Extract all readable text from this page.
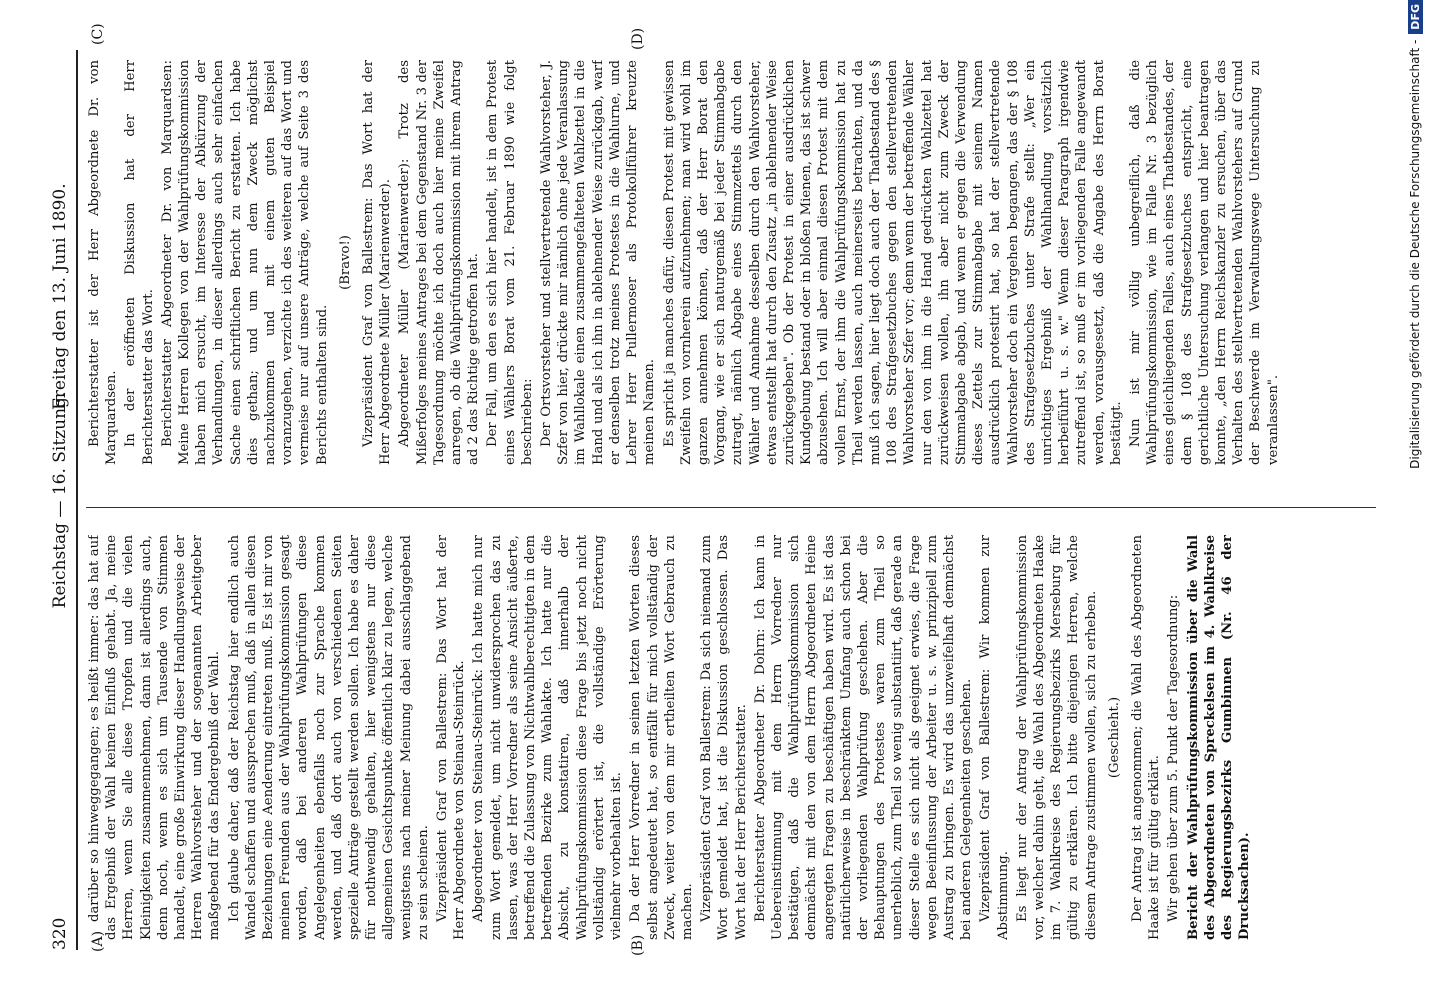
320
Reichstag — 16. Sitzung.
Freitag den 13. Juni 1890.
(A)	(B)
(C)	(D)

darüber so hinweggegangen; es heißt immer: das hat auf das Ergebniß der Wahl keinen Einfluß gehabt. Ja, meine Herren, wenn Sie alle diese Tropfen und die vielen Kleinigkeiten zusammennehmen, dann ist allerdings auch, denn noch, wenn es sich um Tausende von Stimmen handelt, eine große Einwirkung dieser Handlungsweise der Herren Wahlvorsteher und der sogenannten Arbeitgeber maßgebend für das Endergebniß der Wahl. Ich glaube daher, daß der Reichstag hier endlich auch Wandel schaffen und aussprechen muß, daß in allen diesen Beziehungen eine Aenderung eintreten muß. Es ist mir von meinen Freunden aus der Wahlprüfungskommission gesagt worden, daß bei anderen Wahlprüfungen diese Angelegenheiten ebenfalls noch zur Sprache kommen werden, und daß dort auch von verschiedenen Seiten spezielle Anträge gestellt werden sollen. Ich habe es daher für nothwendig gehalten, hier wenigstens nur diese allgemeinen Gesichtspunkte öffentlich klar zu legen, welche wenigstens nach meiner Meinung dabei ausschlaggebend zu sein scheinen. Vizepräsident Graf von Ballestrem: Das Wort hat der Herr Abgeordnete von Steinau-Steinrück. Abgeordneter von Steinau-Steinrück: Ich hatte mich nur zum Wort gemeldet, um nicht unwidersprochen das zu lassen, was der Herr Vorredner als seine Ansicht äußerte, betreffend die Zulassung von Nichtwahlberechtigten in dem betreffenden Bezirke zum Wahlakte. Ich hatte nur die Absicht, zu konstatiren, daß innerhalb der Wahlprüfungskommission diese Frage bis jetzt noch nicht vollständig erörtert ist, die vollständige Erörterung vielmehr vorbehalten ist. Da der Herr Vorredner in seinen letzten Worten dieses selbst angedeutet hat, so entfällt für mich vollständig der Zweck, weiter von dem mir ertheilten Wort Gebrauch zu machen. Vizepräsident Graf von Ballestrem: Da sich niemand zum Wort gemeldet hat, ist die Diskussion geschlossen. Das Wort hat der Herr Berichterstatter. Berichterstatter Abgeordneter Dr. Dohrn: Ich kann in Uebereinstimmung mit dem Herrn Vorredner nur bestätigen, daß die Wahlprüfungskommission sich demnächst mit den von dem Herrn Abgeordneten Heine angeregten Fragen zu beschäftigen haben wird. Es ist das natürlicherweise in beschränktem Umfang auch schon bei der vorliegenden Wahlprüfung geschehen. Aber die Behauptungen des Protestes waren zum Theil so unerheblich, zum Theil so wenig substantiirt, daß gerade an dieser Stelle es sich nicht als geeignet erwies, die Frage wegen Beeinflussung der Arbeiter u. s. w. prinzipiell zum Austrag zu bringen. Es wird das unzweifelhaft demnächst bei anderen Gelegenheiten geschehen. Vizepräsident Graf von Ballestrem: Wir kommen zur Abstimmung. Es liegt nur der Antrag der Wahlprüfungskommission vor, welcher dahin geht, die Wahl des Abgeordneten Haake im 7. Wahlkreise des Regierungsbezirks Merseburg für gültig zu erklären. Ich bitte diejenigen Herren, welche diesem Antrage zustimmen wollen, sich zu erheben. (Geschieht.) Der Antrag ist angenommen; die Wahl des Abgeordneten Haake ist für gültig erklärt. Wir gehen über zum 5. Punkt der Tagesordnung: Bericht der Wahlprüfungskommission über die Wahl des Abgeordneten von Spreckelsen im 4. Wahlkreise des Regierungsbezirks Gumbinnen (Nr. 46 der Drucksachen).

Berichterstatter ist der Herr Abgeordnete Dr. von Marquardsen. In der eröffneten Diskussion hat der Herr Berichterstatter das Wort. Berichterstatter Abgeordneter Dr. von Marquardsen: Meine Herren Kollegen von der Wahlprüfungskommission haben mich ersucht, im Interesse der Abkürzung der Verhandlungen, in dieser allerdings auch sehr einfachen Sache einen schriftlichen Bericht zu erstatten. Ich habe dies gethan; und um nun dem Zweck möglichst nachzukommen und mit einem guten Beispiel voranzugehen, verzichte ich des weiteren auf das Wort und vermeise nur auf unsere Anträge, welche auf Seite 3 des Berichts enthalten sind.

(Bravo!) Vizepräsident Graf von Ballestrem: Das Wort hat der Herr Abgeordnete Müller (Marienwerder). Abgeordneter Müller (Marienwerder): Trotz des Mißerfolges meines Antrages bei dem Gegenstand Nr. 3 der Tagesordnung möchte ich doch auch hier meine Zweifel anregen, ob die Wahlprüfungskommission mit ihrem Antrag ad 2 das Richtige getroffen hat. Der Fall, um den es sich hier handelt, ist in dem Protest eines Wählers Borat vom 21. Februar 1890 wie folgt beschrieben: Der Ortsvorsteher und stellvertretende Wahlvorsteher, J. Szfer von hier, drückte mir nämlich ohne jede Veranlassung im Wahllokale einen zusammengefalteten Wahlzettel in die Hand und als ich ihn in ablehnender Weise zurückgab, warf er denselben trotz meines Protestes in die Wahlurne, und Lehrer Herr Pullermoser als Protokollführer kreuzte meinen Namen. Es spricht ja manches dafür, diesen Protest mit gewissen Zweifeln von vornherein aufzunehmen; man wird wohl im ganzen annehmen können, daß der Herr Borat den Vorgang, wie er sich naturgemäß bei jeder Stimmabgabe zutragt, nämlich Abgabe eines Stimmzettels durch den Wähler und Annahme desselben durch den Wahlvorsteher, etwas entstellt hat durch den Zusatz „in ablehnender Weise zurückgegeben". Ob der Protest in einer ausdrücklichen Kundgebung bestand oder in bloßen Mienen, das ist schwer abzusehen. Ich will aber einmal diesen Protest mit dem vollen Ernst, der ihm die Wahlprüfungskommission hat zu Theil werden lassen, auch meinerseits betrachten, und da muß ich sagen, hier liegt doch auch der Thatbestand des § 108 des Strafgesetzbuches gegen den stellvertretenden Wahlvorsteher Szfer vor; denn wenn der betreffende Wähler nur den von ihm in die Hand gedrückten Wahlzettel hat zurückweisen wollen, ihn aber nicht zum Zweck der Stimmabgabe abgab, und wenn er gegen die Verwendung dieses Zettels zur Stimmabgabe mit seinem Namen ausdrücklich protestirt hat, so hat der stellvertretende Wahlvorsteher doch ein Vergehen begangen, das der § 108 des Strafgesetzbuches unter Strafe stellt: „Wer ein unrichtiges Ergebniß der Wahlhandlung vorsätzlich herbeiführt u. s. w." Wenn dieser Paragraph irgendwie zutreffend ist, so muß er im vorliegenden Falle angewandt werden, vorausgesetzt, daß die Angabe des Herrn Borat bestätigt. Nun ist mir völlig unbegreiflich, daß die Wahlprüfungskommission, wie im Falle Nr. 3 bezüglich eines gleichliegenden Falles, auch eines Thatbestandes, der dem § 108 des Strafgesetzbuches entspricht, eine gerichtliche Untersuchung verlangen und hier beantragen konnte, „den Herrn Reichskanzler zu ersuchen, über das Verhalten des stellvertretenden Wahlvorstehers auf Grund der Beschwerde im Verwaltungswege Untersuchung zu veranlassen".	Digitalisierung gefördert durch die Deutsche Forschungsgemeinschaft -DFG
